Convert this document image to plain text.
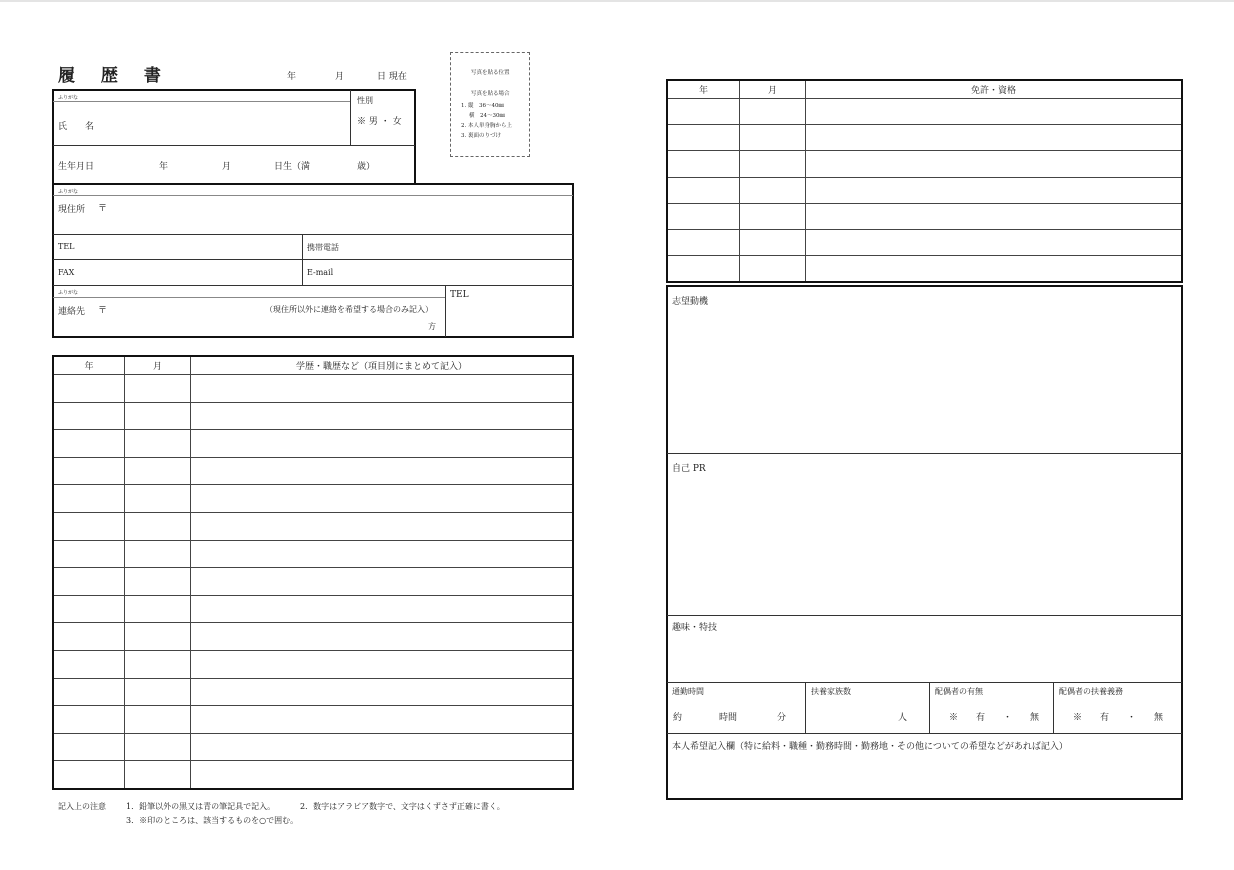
履 歴 書	年	月	日 現在	写真を貼る位置
写真を貼る場合
1. 縦　36〜40㎜
横　24〜30㎜
2. 本人単身胸から上
3. 裏面のりづけ
ふりがな
氏　　名
性別
※ 男 ・ 女
生年月日	年	月	日生（満	歳）
ふりがな
現住所 〒
TEL	携帯電話
FAX	E-mail
ふりがな
連絡先 〒	（現住所以外に連絡を希望する場合のみ記入）
方
TEL
年	月	学歴・職歴など（項目別にまとめて記入）

記入上の注意	1．鉛筆以外の黒又は青の筆記具で記入。	2．数字はアラビア数字で、文字はくずさず正確に書く。
3．※印のところは、該当するものを○で囲む。
年	月	免許・資格

志望動機
自己 PR
趣味・特技
通勤時間
約	時間	分
扶養家族数
人
配偶者の有無
※　　有　　・　　無
配偶者の扶養義務
※　　有　　・　　無
本人希望記入欄（特に給料・職種・勤務時間・勤務地・その他についての希望などがあれば記入）
